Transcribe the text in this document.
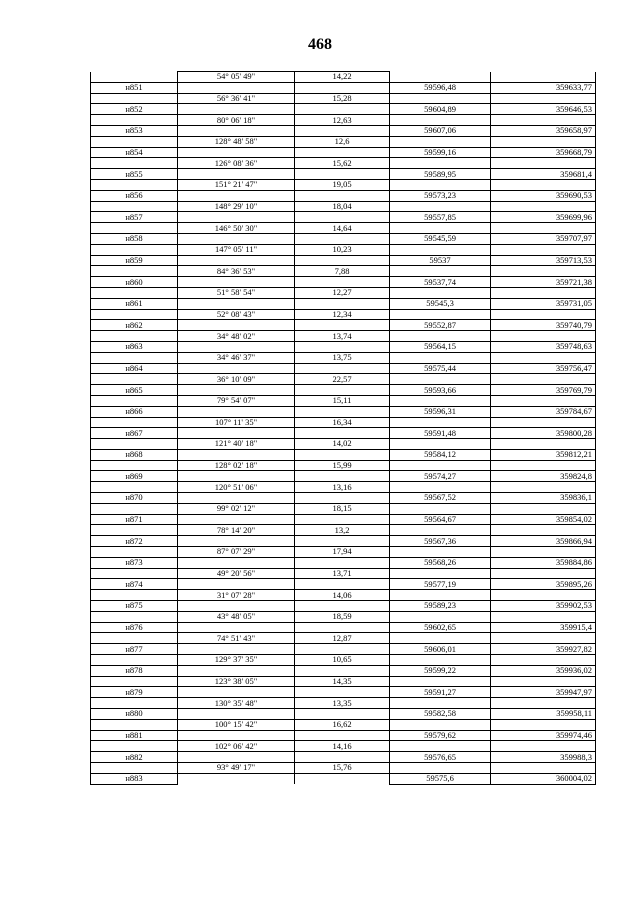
468
	54° 05' 49"	14,22		
н851			59596,48	359633,77
	56° 36' 41"	15,28		
н852			59604,89	359646,53
	80° 06' 18"	12,63		
н853			59607,06	359658,97
	128° 48' 58"	12,6		
н854			59599,16	359668,79
	126° 08' 36"	15,62		
н855			59589,95	359681,4
	151° 21' 47"	19,05		
н856			59573,23	359690,53
	148° 29' 10"	18,04		
н857			59557,85	359699,96
	146° 50' 30"	14,64		
н858			59545,59	359707,97
	147° 05' 11"	10,23		
н859			59537	359713,53
	84° 36' 53"	7,88		
н860			59537,74	359721,38
	51° 58' 54"	12,27		
н861			59545,3	359731,05
	52° 08' 43"	12,34		
н862			59552,87	359740,79
	34° 48' 02"	13,74		
н863			59564,15	359748,63
	34° 46' 37"	13,75		
н864			59575,44	359756,47
	36° 10' 09"	22,57		
н865			59593,66	359769,79
	79° 54' 07"	15,11		
н866			59596,31	359784,67
	107° 11' 35"	16,34		
н867			59591,48	359800,28
	121° 40' 18"	14,02		
н868			59584,12	359812,21
	128° 02' 18"	15,99		
н869			59574,27	359824,8
	120° 51' 06"	13,16		
н870			59567,52	359836,1
	99° 02' 12"	18,15		
н871			59564,67	359854,02
	78° 14' 20"	13,2		
н872			59567,36	359866,94
	87° 07' 29"	17,94		
н873			59568,26	359884,86
	49° 20' 56"	13,71		
н874			59577,19	359895,26
	31° 07' 28"	14,06		
н875			59589,23	359902,53
	43° 48' 05"	18,59		
н876			59602,65	359915,4
	74° 51' 43"	12,87		
н877			59606,01	359927,82
	129° 37' 35"	10,65		
н878			59599,22	359936,02
	123° 38' 05"	14,35		
н879			59591,27	359947,97
	130° 35' 48"	13,35		
н880			59582,58	359958,11
	100° 15' 42"	16,62		
н881			59579,62	359974,46
	102° 06' 42"	14,16		
н882			59576,65	359988,3
	93° 49' 17"	15,76		
н883			59575,6	360004,02
